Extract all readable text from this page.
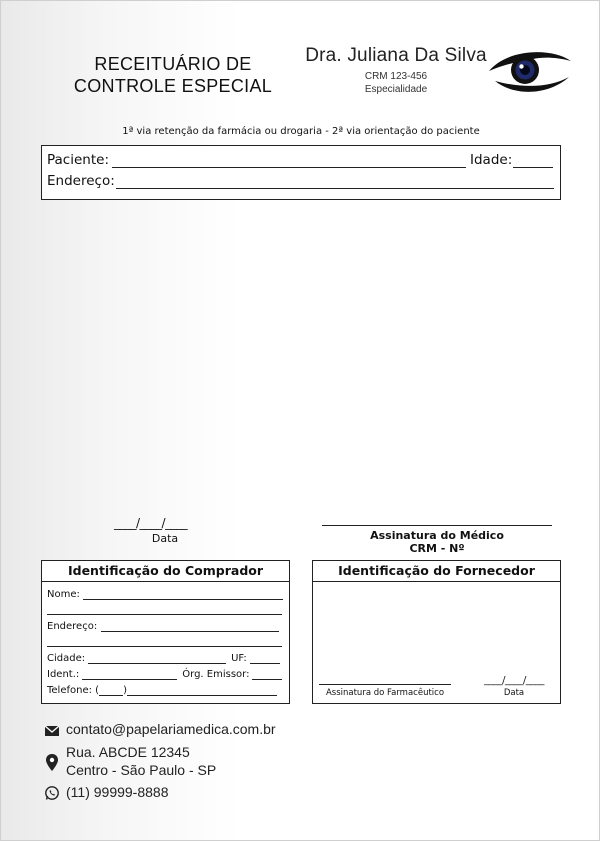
RECEITUÁRIO DE
CONTROLE ESPECIAL
Dra. Juliana Da Silva
CRM 123-456
Especialidade
1ª via retenção da farmácia ou drogaria - 2ª via orientação do paciente
Paciente:	Idade:
Endereço:
____/____/____
Data	Assinatura do Médico
CRM - Nº
Identificação do Comprador
Nome:
Endereço:
Cidade:	UF:
Ident.:	Órg. Emissor:
Telefone: ( )
Identificação do Fornecedor
Assinatura do Farmacêutico
____/____/____
Data
contato@papelariamedica.com.br
Rua. ABCDE 12345
Centro - São Paulo - SP
(11) 99999-8888
